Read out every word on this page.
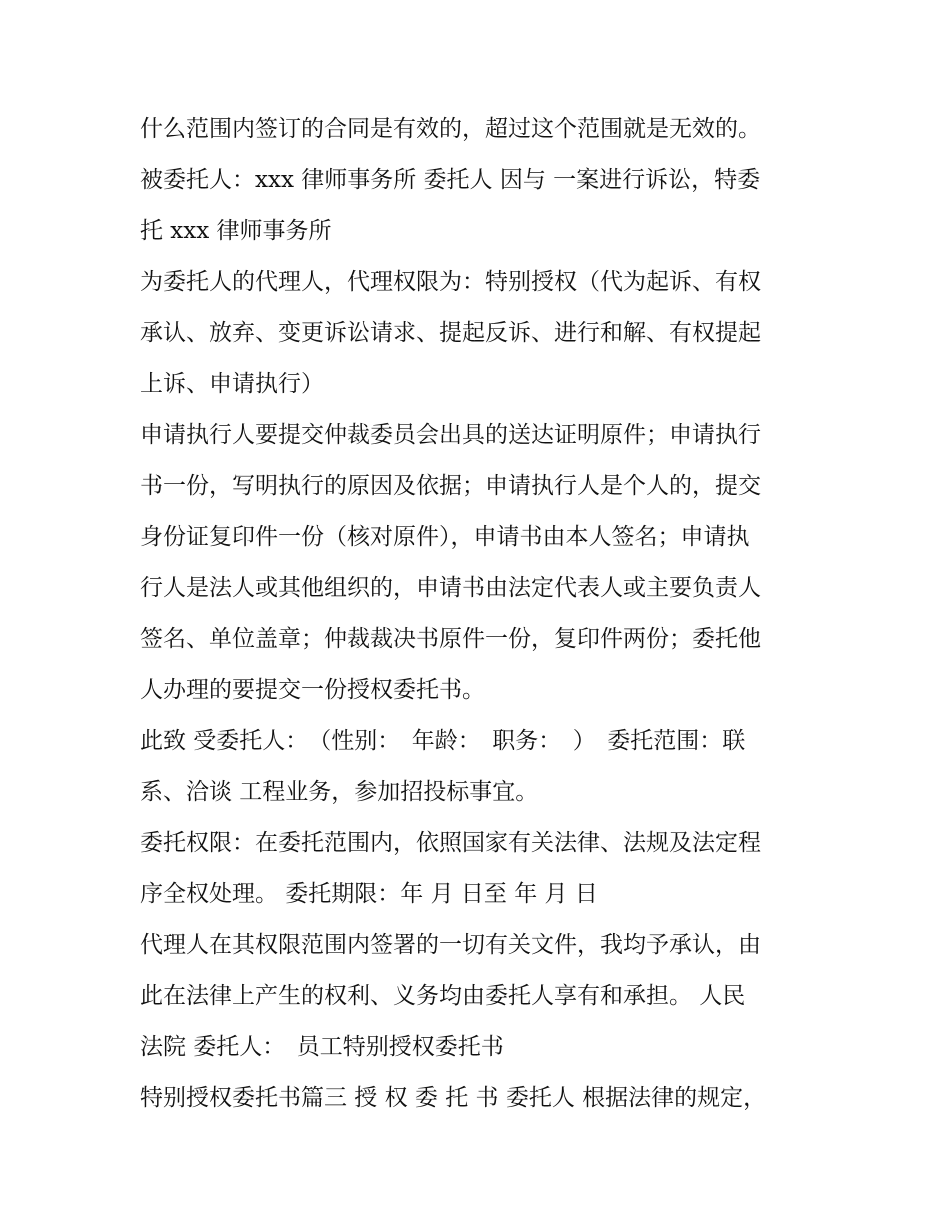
什么范围内签订的合同是有效的，超过这个范围就是无效的。
被委托人：xxx 律师事务所 委托人 因与 一案进行诉讼，特委
托 xxx 律师事务所
为委托人的代理人，代理权限为：特别授权（代为起诉、有权
承认、放弃、变更诉讼请求、提起反诉、进行和解、有权提起
上诉、申请执行）
申请执行人要提交仲裁委员会出具的送达证明原件；申请执行
书一份，写明执行的原因及依据；申请执行人是个人的，提交
身份证复印件一份（核对原件），申请书由本人签名；申请执
行人是法人或其他组织的，申请书由法定代表人或主要负责人
签名、单位盖章；仲裁裁决书原件一份，复印件两份；委托他
人办理的要提交一份授权委托书。
此致 受委托人：　（性别：　年龄：　职务：　）　委托范围：联
系、洽谈 工程业务，参加招投标事宜。
委托权限：在委托范围内，依照国家有关法律、法规及法定程
序全权处理。 委托期限：年 月 日至 年 月 日
代理人在其权限范围内签署的一切有关文件，我均予承认，由
此在法律上产生的权利、义务均由委托人享有和承担。 人民
法院 委托人：　员工特别授权委托书
特别授权委托书篇三 授 权 委 托 书 委托人 根据法律的规定，
